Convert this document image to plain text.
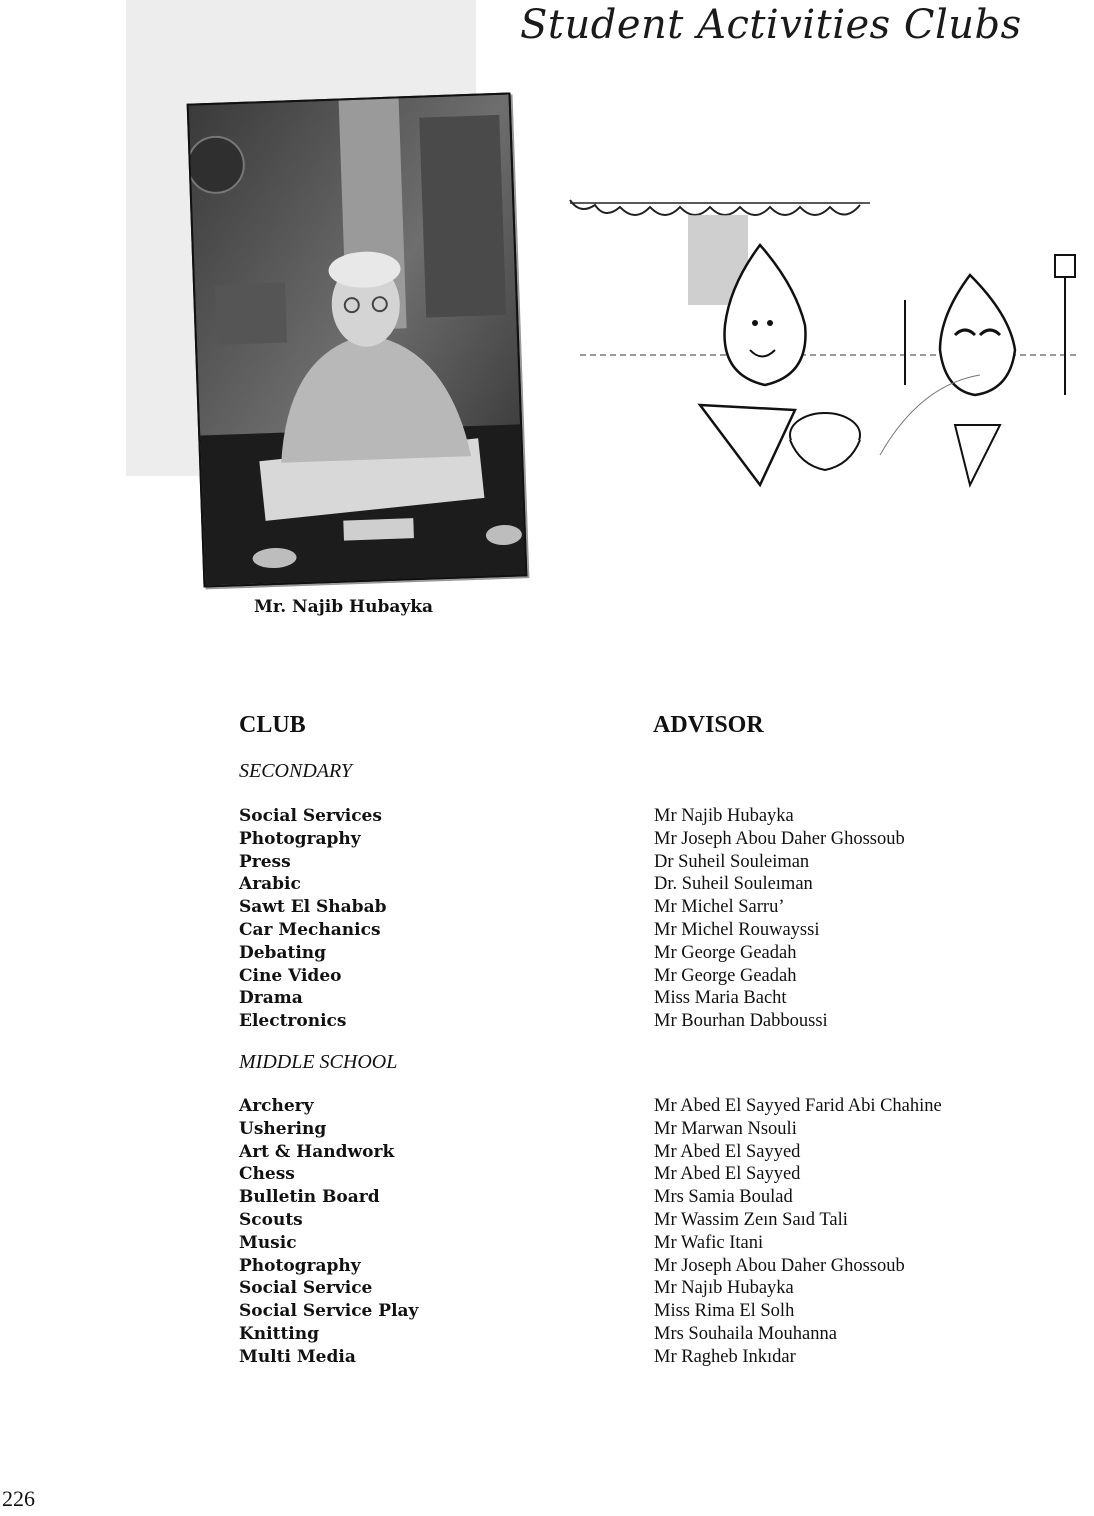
Student Activities Clubs
Mr. Najib Hubayka
CLUB	ADVISOR
SECONDARY
Social Services
Photography
Press
Arabic
Sawt El Shabab
Car Mechanics
Debating
Cine Video
Drama
Electronics
Mr Najib Hubayka
Mr Joseph Abou Daher Ghossoub
Dr Suheil Souleiman
Dr. Suheil Souleıman
Mr Michel Sarru’
Mr Michel Rouwayssi
Mr George Geadah
Mr George Geadah
Miss Maria Bacht
Mr Bourhan Dabboussi
MIDDLE SCHOOL
Archery
Ushering
Art & Handwork
Chess
Bulletin Board
Scouts
Music
Photography
Social Service
Social Service Play
Knitting
Multi Media
Mr Abed El Sayyed Farid Abi Chahine
Mr Marwan Nsouli
Mr Abed El Sayyed
Mr Abed El Sayyed
Mrs Samia Boulad
Mr Wassim Zeın Saıd Tali
Mr Wafic Itani
Mr Joseph Abou Daher Ghossoub
Mr Najıb Hubayka
Miss Rima El Solh
Mrs Souhaila Mouhanna
Mr Ragheb Inkıdar
226
